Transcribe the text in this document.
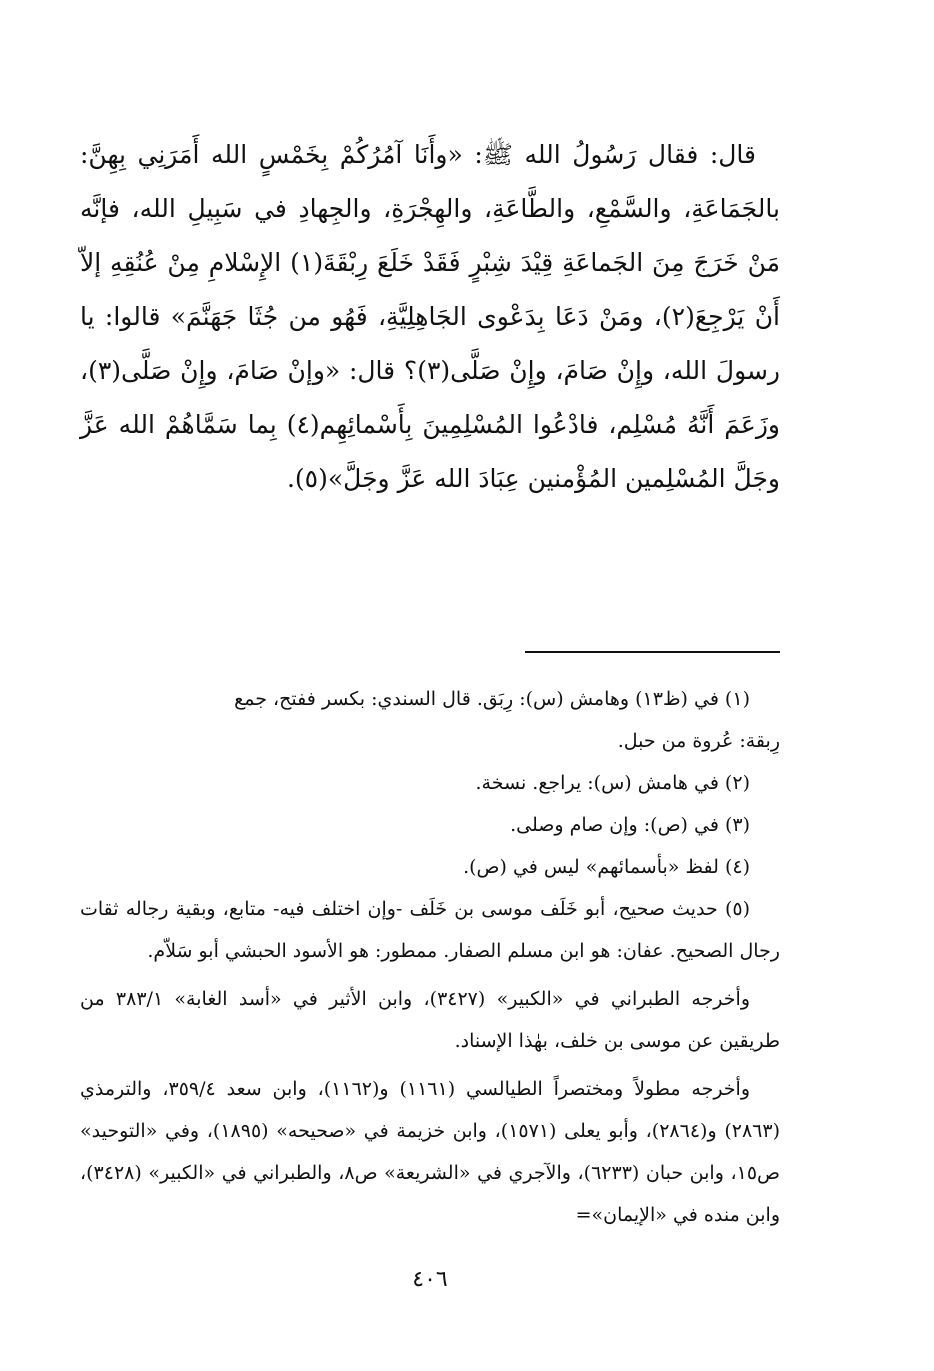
قال: فقال رَسُولُ الله ﷺ: «وأَنَا آمُرُكُمْ بِخَمْسٍ الله أَمَرَنِي بِهِنَّ: بالجَمَاعَةِ، والسَّمْعِ، والطَّاعَةِ، والهِجْرَةِ، والجِهادِ في سَبِيلِ الله، فإنَّه مَنْ خَرَجَ مِنَ الجَماعَةِ قِيْدَ شِبْرٍ فَقَدْ خَلَعَ رِبْقَةَ(١) الإِسْلامِ مِنْ عُنُقِهِ إلاّ أَنْ يَرْجِعَ(٢)، ومَنْ دَعَا بِدَعْوى الجَاهِلِيَّةِ، فَهُو من جُثَا جَهَنَّمَ» قالوا: يا رسولَ الله، وإِنْ صَامَ، وإِنْ صَلَّى(٣)؟ قال: «وإنْ صَامَ، وإِنْ صَلَّى(٣)، وزَعَمَ أَنَّهُ مُسْلِم، فادْعُوا المُسْلِمِينَ بِأَسْمائِهِم(٤) بِما سَمَّاهُمْ الله عَزَّ وجَلَّ المُسْلِمين المُؤْمنين عِبَادَ الله عَزَّ وجَلَّ»(٥).

(١) في (ظ١٣) وهامش (س): رِبَق. قال السندي: بكسر ففتح، جمع

رِبقة: عُروة من حبل.

(٢) في هامش (س): يراجع. نسخة.

(٣) في (ص): وإن صام وصلى.

(٤) لفظ «بأسمائهم» ليس في (ص).

(٥) حديث صحيح، أبو خَلَف موسى بن خَلَف -وإن اختلف فيه- متابع، وبقية رجاله ثقات رجال الصحيح. عفان: هو ابن مسلم الصفار. ممطور: هو الأسود الحبشي أبو سَلاّم.

وأخرجه الطبراني في «الكبير» (٣٤٢٧)، وابن الأثير في «أسد الغابة» ٣٨٣/١ من طريقين عن موسى بن خلف، بهٰذا الإسناد.

وأخرجه مطولاً ومختصراً الطيالسي (١١٦١) و(١١٦٢)، وابن سعد ٣٥٩/٤، والترمذي (٢٨٦٣) و(٢٨٦٤)، وأبو يعلى (١٥٧١)، وابن خزيمة في «صحيحه» (١٨٩٥)، وفي «التوحيد» ص١٥، وابن حبان (٦٢٣٣)، والآجري في «الشريعة» ص٨، والطبراني في «الكبير» (٣٤٢٨)، وابن منده في «الإيمان»=

٤٠٦
